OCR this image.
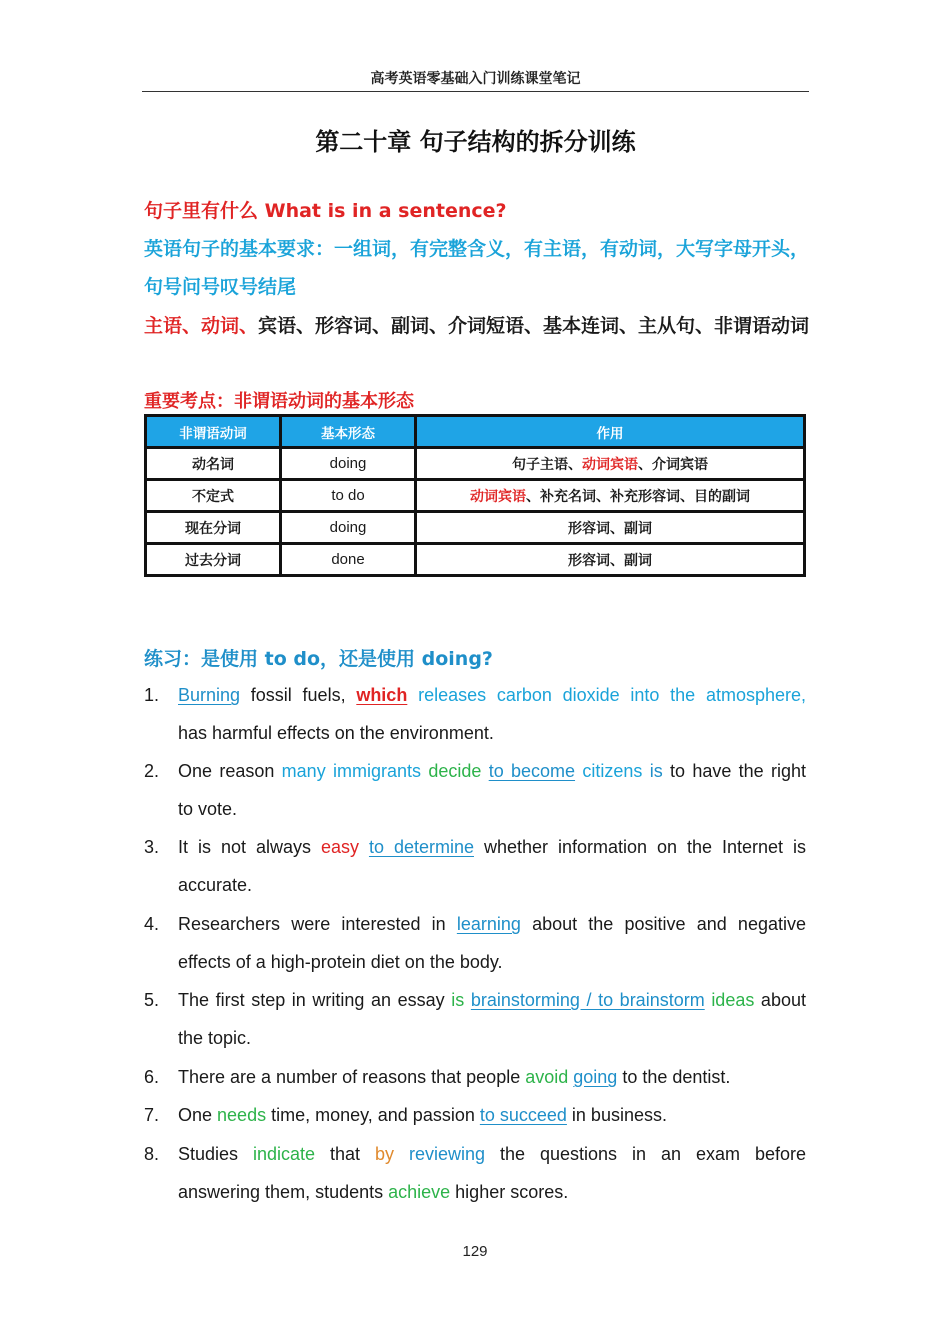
高考英语零基础入门训练课堂笔记
第二十章 句子结构的拆分训练
句子里有什么 What is in a sentence?
英语句子的基本要求：一组词，有完整含义，有主语，有动词，大写字母开头，
句号问号叹号结尾
主语、动词、宾语、形容词、副词、介词短语、基本连词、主从句、非谓语动词
重要考点：非谓语动词的基本形态
非谓语动词	基本形态	作用
动名词	doing	句子主语、动词宾语、介词宾语
不定式	to do	动词宾语、补充名词、补充形容词、目的副词
现在分词	doing	形容词、副词
过去分词	done	形容词、副词
练习：是使用 to do，还是使用 doing?
1. Burning fossil fuels, which releases carbon dioxide into the atmosphere,
has harmful effects on the environment.
2. One reason many immigrants decide to become citizens is to have the right
to vote.
3. It is not always easy to determine whether information on the Internet is
accurate.
4. Researchers were interested in learning about the positive and negative
effects of a high-protein diet on the body.
5. The first step in writing an essay is brainstorming / to brainstorm ideas about
the topic.
6. There are a number of reasons that people avoid going to the dentist.
7. One needs time, money, and passion to succeed in business.
8. Studies indicate that by reviewing the questions in an exam before
answering them, students achieve higher scores.
129
